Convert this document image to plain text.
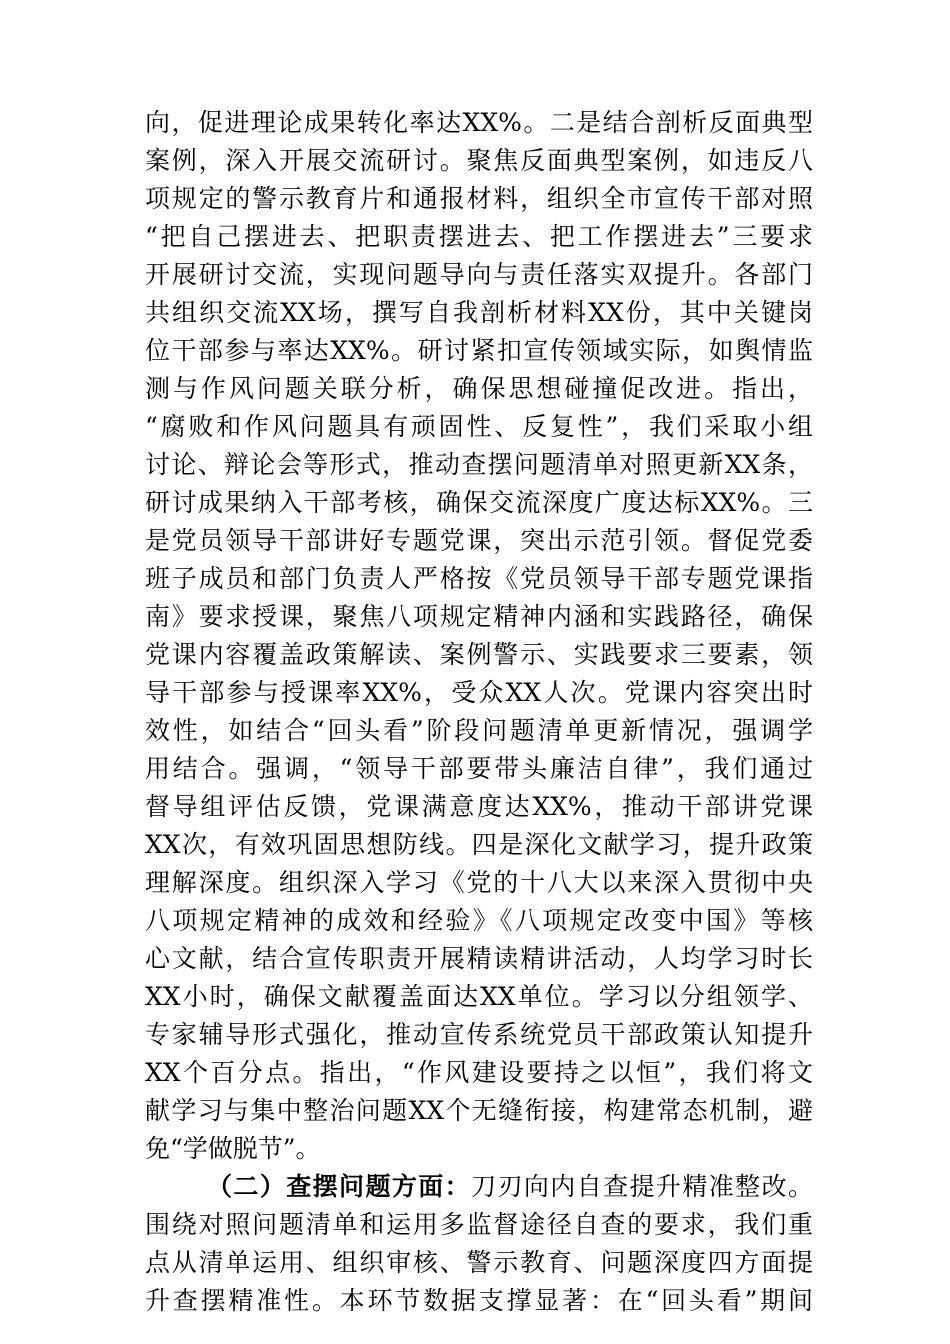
向，促进理论成果转化率达XX%。二是结合剖析反面典型
案例，深入开展交流研讨。聚焦反面典型案例，如违反八
项规定的警示教育片和通报材料，组织全市宣传干部对照
“把自己摆进去、把职责摆进去、把工作摆进去”三要求
开展研讨交流，实现问题导向与责任落实双提升。各部门
共组织交流XX场，撰写自我剖析材料XX份，其中关键岗
位干部参与率达XX%。研讨紧扣宣传领域实际，如舆情监
测与作风问题关联分析，确保思想碰撞促改进。指出，
“腐败和作风问题具有顽固性、反复性”，我们采取小组
讨论、辩论会等形式，推动查摆问题清单对照更新XX条，
研讨成果纳入干部考核，确保交流深度广度达标XX%。三
是党员领导干部讲好专题党课，突出示范引领。督促党委
班子成员和部门负责人严格按《党员领导干部专题党课指
南》要求授课，聚焦八项规定精神内涵和实践路径，确保
党课内容覆盖政策解读、案例警示、实践要求三要素，领
导干部参与授课率XX%，受众XX人次。党课内容突出时
效性，如结合“回头看”阶段问题清单更新情况，强调学
用结合。强调，“领导干部要带头廉洁自律”，我们通过
督导组评估反馈，党课满意度达XX%，推动干部讲党课
XX次，有效巩固思想防线。四是深化文献学习，提升政策
理解深度。组织深入学习《党的十八大以来深入贯彻中央
八项规定精神的成效和经验》《八项规定改变中国》等核
心文献，结合宣传职责开展精读精讲活动，人均学习时长
XX小时，确保文献覆盖面达XX单位。学习以分组领学、
专家辅导形式强化，推动宣传系统党员干部政策认知提升
XX个百分点。指出，“作风建设要持之以恒”，我们将文
献学习与集中整治问题XX个无缝衔接，构建常态机制，避
免“学做脱节”。
（二）查摆问题方面：刀刃向内自查提升精准整改。
围绕对照问题清单和运用多监督途径自查的要求，我们重
点从清单运用、组织审核、警示教育、问题深度四方面提
升查摆精准性。本环节数据支撑显著：在“回头看”期间
